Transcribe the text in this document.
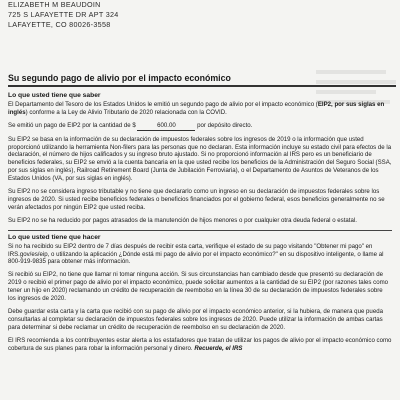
ELIZABETH M BEAUDOIN
725 S LAFAYETTE DR APT 324
LAFAYETTE, CO 80026-3558
Su segundo pago de alivio por el impacto económico
Lo que usted tiene que saber

El Departamento del Tesoro de los Estados Unidos le emitió un segundo pago de alivio por el impacto económico (EIP2, por sus siglas en inglés) conforme a la Ley de Alivio Tributario de 2020 relacionada con la COVID.

Se emitió un pago de EIP2 por la cantidad de $	600.00	por depósito directo.

Su EIP2 se basa en la información de su declaración de impuestos federales sobre los ingresos de 2019 o la información que usted proporcionó utilizando la herramienta Non-filers para las personas que no declaran. Esta información incluye su estado civil para efectos de la declaración, el número de hijos calificados y su ingreso bruto ajustado. Si no proporcionó información al IRS pero es un beneficiario de beneficios federales, su EIP2 se envió a la cuenta bancaria en la que usted recibe los beneficios de la Administración del Seguro Social (SSA, por sus siglas en inglés), Railroad Retirement Board (Junta de Jubilación Ferroviaria), o el Departamento de Asuntos de Veteranos de los Estados Unidos (VA, por sus siglas en inglés).

Su EIP2 no se considera ingreso tributable y no tiene que declararlo como un ingreso en su declaración de impuestos federales sobre los ingresos de 2020. Si usted recibe beneficios federales o beneficios financiados por el gobierno federal, esos beneficios generalmente no se verán afectados por ningún EIP2 que usted reciba.

Su EIP2 no se ha reducido por pagos atrasados de la manutención de hijos menores o por cualquier otra deuda federal o estatal.

Lo que usted tiene que hacer

Si no ha recibido su EIP2 dentro de 7 días después de recibir esta carta, verifique el estado de su pago visitando "Obtener mi pago" en IRS.gov/es/eip, o utilizando la aplicación ¿Dónde está mi pago de alivio por el impacto económico?" en su dispositivo inteligente, o llame al 800-919-9835 para obtener más información.

Si recibió su EIP2, no tiene que llamar ni tomar ninguna acción. Si sus circunstancias han cambiado desde que presentó su declaración de 2019 o recibió el primer pago de alivio por el impacto económico, puede solicitar aumentos a la cantidad de su EIP2 (por razones tales como tener un hijo en 2020) reclamando un crédito de recuperación de reembolso en la línea 30 de su declaración de impuestos federales sobre los ingresos de 2020.

Debe guardar esta carta y la carta que recibió con su pago de alivio por el impacto económico anterior, si la hubiera, de manera que pueda consultarlas al completar su declaración de impuestos federales sobre los ingresos de 2020. Puede utilizar la información de ambas cartas para determinar si debe reclamar un crédito de recuperación de reembolso en su declaración de 2020.

El IRS recomienda a los contribuyentes estar alerta a los estafadores que tratan de utilizar los pagos de alivio por el impacto económico como cobertura de sus planes para robar la información personal y dinero. Recuerde, el IRS
